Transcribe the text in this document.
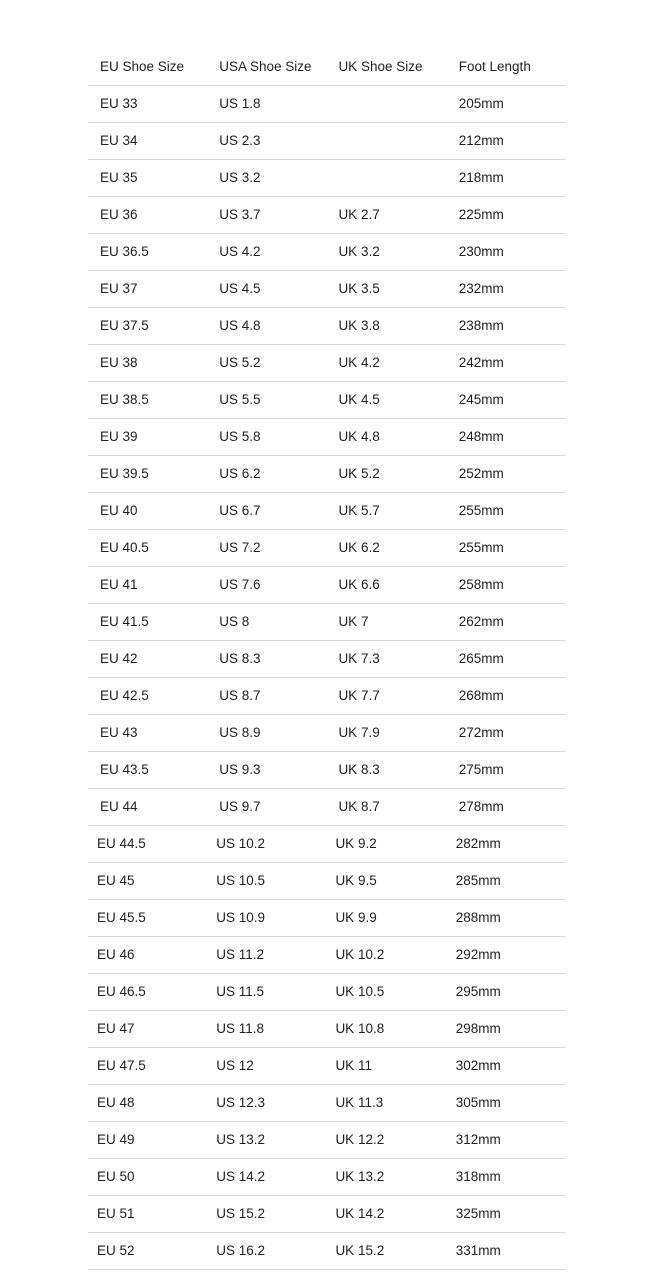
EU Shoe Size	USA Shoe Size	UK Shoe Size	Foot Length
EU 33	US 1.8		205mm
EU 34	US 2.3		212mm
EU 35	US 3.2		218mm
EU 36	US 3.7	UK 2.7	225mm
EU 36.5	US 4.2	UK 3.2	230mm
EU 37	US 4.5	UK 3.5	232mm
EU 37.5	US 4.8	UK 3.8	238mm
EU 38	US 5.2	UK 4.2	242mm
EU 38.5	US 5.5	UK 4.5	245mm
EU 39	US 5.8	UK 4.8	248mm
EU 39.5	US 6.2	UK 5.2	252mm
EU 40	US 6.7	UK 5.7	255mm
EU 40.5	US 7.2	UK 6.2	255mm
EU 41	US 7.6	UK 6.6	258mm
EU 41.5	US 8	UK 7	262mm
EU 42	US 8.3	UK 7.3	265mm
EU 42.5	US 8.7	UK 7.7	268mm
EU 43	US 8.9	UK 7.9	272mm
EU 43.5	US 9.3	UK 8.3	275mm
EU 44	US 9.7	UK 8.7	278mm
EU 44.5	US 10.2	UK 9.2	282mm
EU 45	US 10.5	UK 9.5	285mm
EU 45.5	US 10.9	UK 9.9	288mm
EU 46	US 11.2	UK 10.2	292mm
EU 46.5	US 11.5	UK 10.5	295mm
EU 47	US 11.8	UK 10.8	298mm
EU 47.5	US 12	UK 11	302mm
EU 48	US 12.3	UK 11.3	305mm
EU 49	US 13.2	UK 12.2	312mm
EU 50	US 14.2	UK 13.2	318mm
EU 51	US 15.2	UK 14.2	325mm
EU 52	US 16.2	UK 15.2	331mm
